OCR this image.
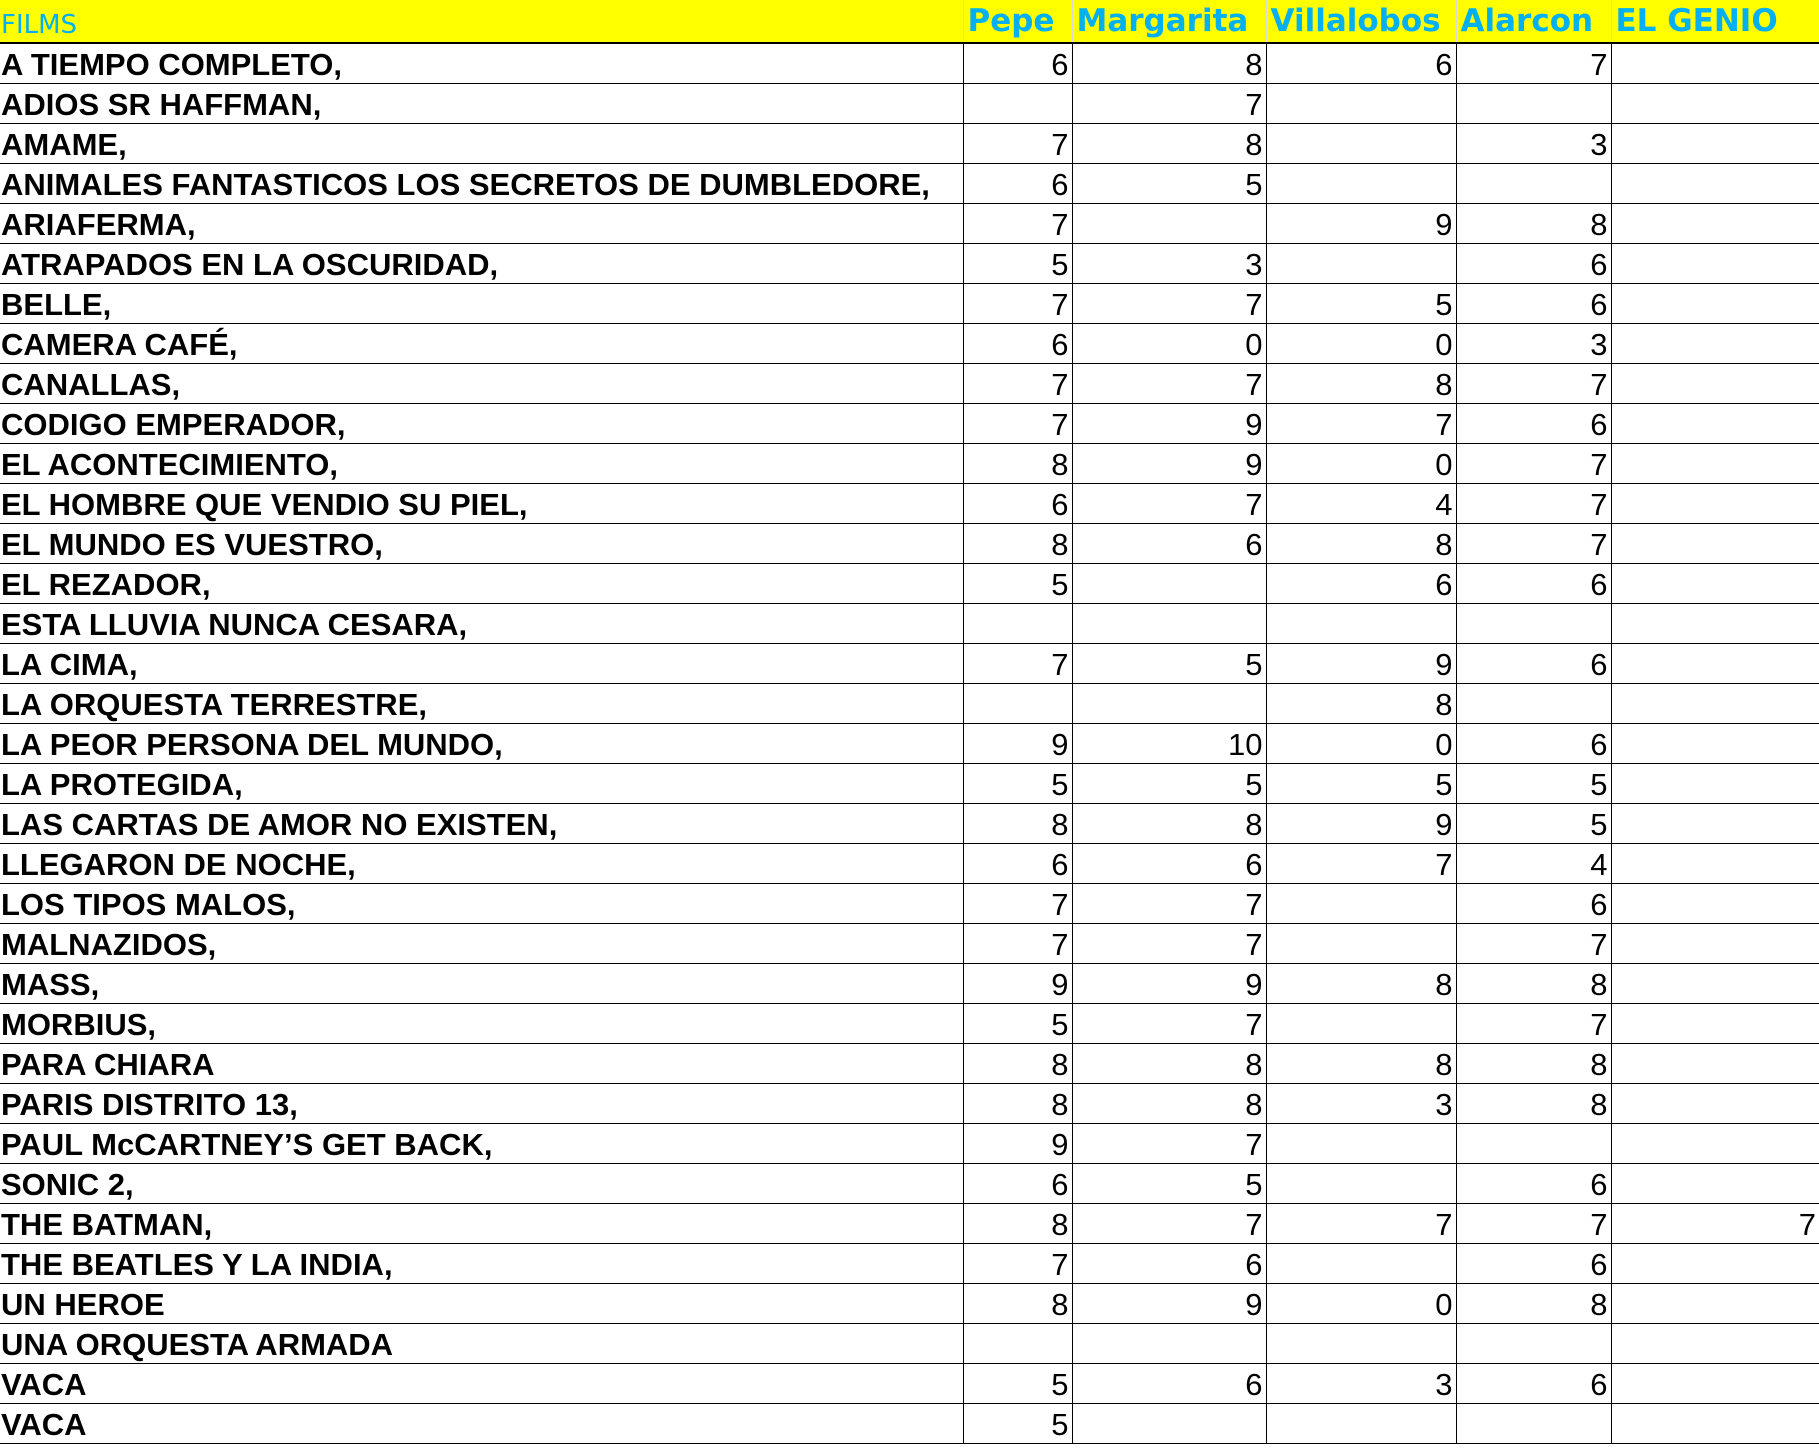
FILMS	Pepe	Margarita	Villalobos	Alarcon	EL GENIO
A TIEMPO COMPLETO,	6	8	6	7	
ADIOS SR HAFFMAN,		7			
AMAME,	7	8		3	
ANIMALES FANTASTICOS LOS SECRETOS DE DUMBLEDORE,	6	5			
ARIAFERMA,	7		9	8	
ATRAPADOS EN LA OSCURIDAD,	5	3		6	
BELLE,	7	7	5	6	
CAMERA CAFÉ,	6	0	0	3	
CANALLAS,	7	7	8	7	
CODIGO EMPERADOR,	7	9	7	6	
EL ACONTECIMIENTO,	8	9	0	7	
EL HOMBRE QUE VENDIO SU PIEL,	6	7	4	7	
EL MUNDO ES VUESTRO,	8	6	8	7	
EL REZADOR,	5		6	6	
ESTA LLUVIA NUNCA CESARA,					
LA CIMA,	7	5	9	6	
LA ORQUESTA TERRESTRE,			8		
LA PEOR PERSONA DEL MUNDO,	9	10	0	6	
LA PROTEGIDA,	5	5	5	5	
LAS CARTAS DE AMOR NO EXISTEN,	8	8	9	5	
LLEGARON DE NOCHE,	6	6	7	4	
LOS TIPOS MALOS,	7	7		6	
MALNAZIDOS,	7	7		7	
MASS,	9	9	8	8	
MORBIUS,	5	7		7	
PARA CHIARA	8	8	8	8	
PARIS DISTRITO 13,	8	8	3	8	
PAUL McCARTNEY’S GET BACK,	9	7			
SONIC 2,	6	5		6	
THE BATMAN,	8	7	7	7	7
THE BEATLES Y LA INDIA,	7	6		6	
UN HEROE	8	9	0	8	
UNA ORQUESTA ARMADA					
VACA	5	6	3	6	
VACA	5				
